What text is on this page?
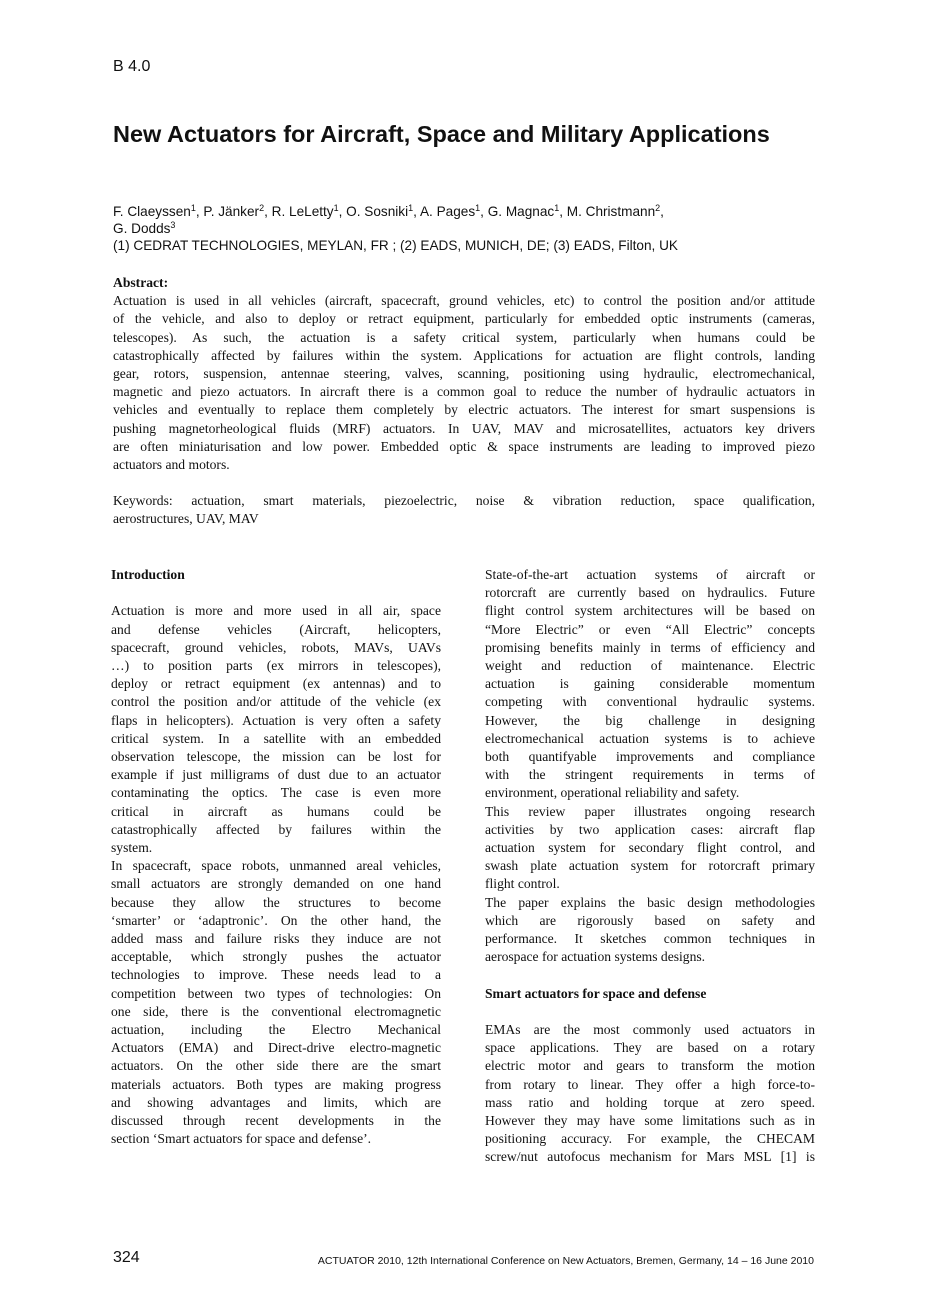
B 4.0
New Actuators for Aircraft, Space and Military Applications
F. Claeyssen$^1$, P. Jänker$^2$, R. LeLetty$^1$, O. Sosniki$^1$, A. Pages$^1$, G. Magnac$^1$, M. Christmann$^2$,
G. Dodds$^3$
(1) CEDRAT TECHNOLOGIES, MEYLAN, FR ; (2) EADS, MUNICH, DE; (3) EADS, Filton, UK
Abstract:
Actuation is used in all vehicles (aircraft, spacecraft, ground vehicles, etc) to control the position and/or attitude
of the vehicle, and also to deploy or retract equipment, particularly for embedded optic instruments (cameras,
telescopes). As such, the actuation is a safety critical system, particularly when humans could be
catastrophically affected by failures within the system. Applications for actuation are flight controls, landing
gear, rotors, suspension, antennae steering, valves, scanning, positioning using hydraulic, electromechanical,
magnetic and piezo actuators. In aircraft there is a common goal to reduce the number of hydraulic actuators in
vehicles and eventually to replace them completely by electric actuators. The interest for smart suspensions is
pushing magnetorheological fluids (MRF) actuators. In UAV, MAV and microsatellites, actuators key drivers
are often miniaturisation and low power. Embedded optic & space instruments are leading to improved piezo
actuators and motors.
Keywords: actuation, smart materials, piezoelectric, noise & vibration reduction, space qualification,
aerostructures, UAV, MAV
Introduction
Actuation is more and more used in all air, space
and defense vehicles (Aircraft, helicopters,
spacecraft, ground vehicles, robots, MAVs, UAVs
…) to position parts (ex mirrors in telescopes),
deploy or retract equipment (ex antennas) and to
control the position and/or attitude of the vehicle (ex
flaps in helicopters). Actuation is very often a safety
critical system. In a satellite with an embedded
observation telescope, the mission can be lost for
example if just milligrams of dust due to an actuator
contaminating the optics. The case is even more
critical in aircraft as humans could be
catastrophically affected by failures within the
system.
In spacecraft, space robots, unmanned areal vehicles,
small actuators are strongly demanded on one hand
because they allow the structures to become
‘smarter’ or ‘adaptronic’. On the other hand, the
added mass and failure risks they induce are not
acceptable, which strongly pushes the actuator
technologies to improve. These needs lead to a
competition between two types of technologies: On
one side, there is the conventional electromagnetic
actuation, including the Electro Mechanical
Actuators (EMA) and Direct-drive electro-magnetic
actuators. On the other side there are the smart
materials actuators. Both types are making progress
and showing advantages and limits, which are
discussed through recent developments in the
section ‘Smart actuators for space and defense’.
State-of-the-art actuation systems of aircraft or
rotorcraft are currently based on hydraulics. Future
flight control system architectures will be based on
“More Electric” or even “All Electric” concepts
promising benefits mainly in terms of efficiency and
weight and reduction of maintenance. Electric
actuation is gaining considerable momentum
competing with conventional hydraulic systems.
However, the big challenge in designing
electromechanical actuation systems is to achieve
both quantifyable improvements and compliance
with the stringent requirements in terms of
environment, operational reliability and safety.
This review paper illustrates ongoing research
activities by two application cases: aircraft flap
actuation system for secondary flight control, and
swash plate actuation system for rotorcraft primary
flight control.
The paper explains the basic design methodologies
which are rigorously based on safety and
performance. It sketches common techniques in
aerospace for actuation systems designs.
Smart actuators for space and defense
EMAs are the most commonly used actuators in
space applications. They are based on a rotary
electric motor and gears to transform the motion
from rotary to linear. They offer a high force-to-
mass ratio and holding torque at zero speed.
However they may have some limitations such as in
positioning accuracy. For example, the CHECAM
screw/nut autofocus mechanism for Mars MSL [1] is
324	ACTUATOR 2010, 12th International Conference on New Actuators, Bremen, Germany, 14 – 16 June 2010
